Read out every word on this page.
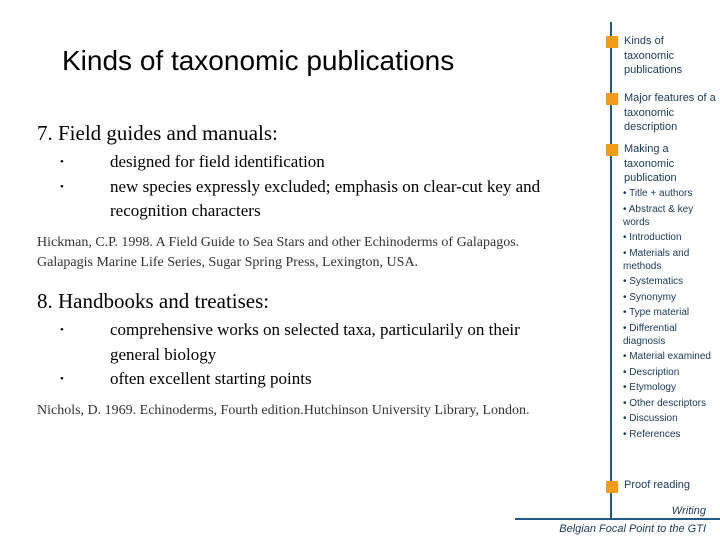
Kinds of taxonomic publications
7. Field guides and manuals:
•	designed for field identification
•	new species expressly excluded; emphasis on clear-cut key and recognition characters
Hickman, C.P. 1998. A Field Guide to Sea Stars and other Echinoderms of Galapagos. Galapagis Marine Life Series, Sugar Spring Press, Lexington, USA.
8. Handbooks and treatises:
•	comprehensive works on selected taxa, particularily on their general biology
•	often excellent starting points
Nichols, D. 1969. Echinoderms, Fourth edition.Hutchinson University Library, London.
Kinds of taxonomic publications
Major features of a taxonomic description
Making a taxonomic publication
• Title + authors
• Abstract & key words
• Introduction
• Materials and methods
• Systematics
• Synonymy
• Type material
• Differential diagnosis
• Material examined
• Description
• Etymology
• Other descriptors
• Discussion
• References
Proof reading
Writing
Belgian Focal Point to the GTI
